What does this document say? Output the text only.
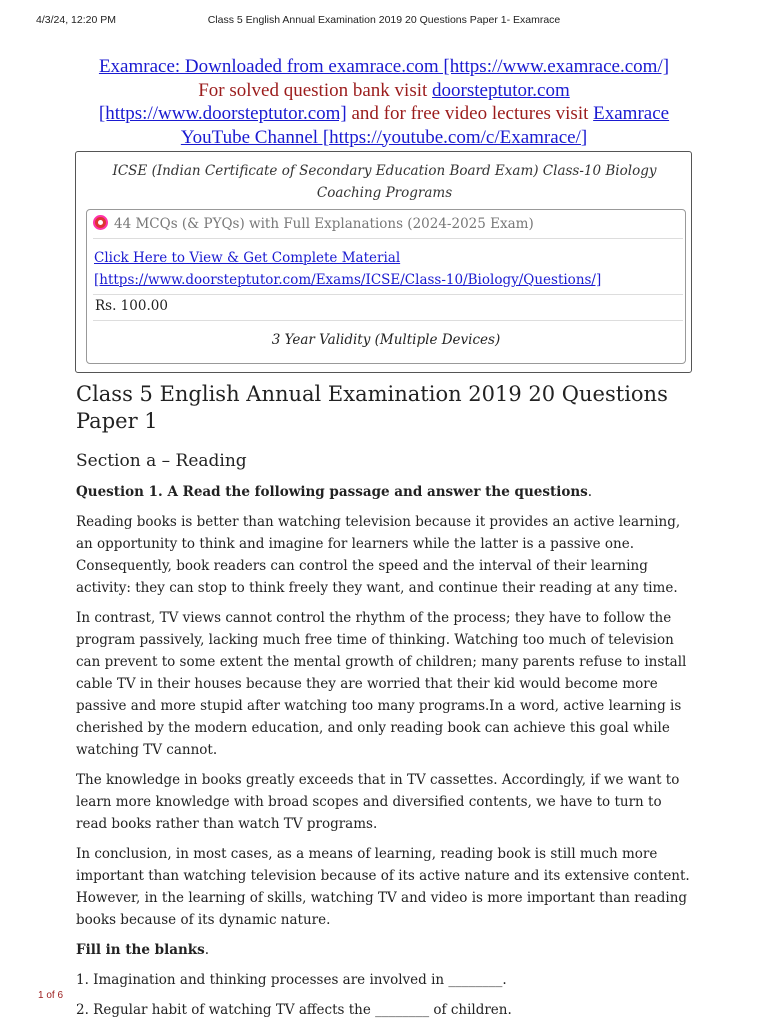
4/3/24, 12:20 PM	Class 5 English Annual Examination 2019 20 Questions Paper 1- Examrace
Examrace: Downloaded from examrace.com [https://www.examrace.com/]
For solved question bank visit doorsteptutor.com
[https://www.doorsteptutor.com] and for free video lectures visit Examrace
YouTube Channel [https://youtube.com/c/Examrace/]
ICSE (Indian Certificate of Secondary Education Board Exam) Class-10 Biology Coaching Programs
44 MCQs (& PYQs) with Full Explanations (2024-2025 Exam)
Click Here to View & Get Complete Material
[https://www.doorsteptutor.com/Exams/ICSE/Class-10/Biology/Questions/]
Rs. 100.00
3 Year Validity (Multiple Devices)
Class 5 English Annual Examination 2019 20 Questions Paper 1
Section a – Reading

Question 1. A Read the following passage and answer the questions.

Reading books is better than watching television because it provides an active learning, an opportunity to think and imagine for learners while the latter is a passive one. Consequently, book readers can control the speed and the interval of their learning activity: they can stop to think freely they want, and continue their reading at any time.

In contrast, TV views cannot control the rhythm of the process; they have to follow the program passively, lacking much free time of thinking. Watching too much of television can prevent to some extent the mental growth of children; many parents refuse to install cable TV in their houses because they are worried that their kid would become more passive and more stupid after watching too many programs.In a word, active learning is cherished by the modern education, and only reading book can achieve this goal while watching TV cannot.

The knowledge in books greatly exceeds that in TV cassettes. Accordingly, if we want to learn more knowledge with broad scopes and diversified contents, we have to turn to read books rather than watch TV programs.

In conclusion, in most cases, as a means of learning, reading book is still much more important than watching television because of its active nature and its extensive content. However, in the learning of skills, watching TV and video is more important than reading books because of its dynamic nature.

Fill in the blanks.

1. Imagination and thinking processes are involved in ________.

2. Regular habit of watching TV affects the ________ of children.

1 of 6
